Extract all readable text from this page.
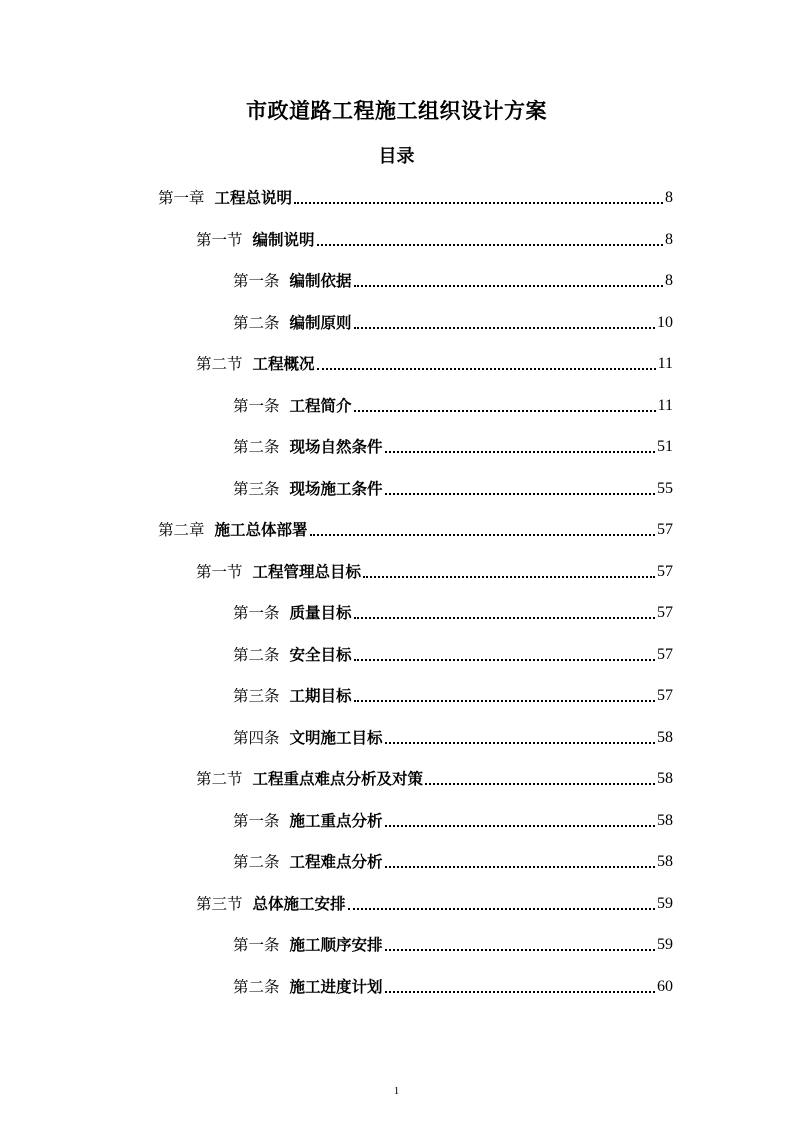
市政道路工程施工组织设计方案
目录
第一章 工程总说明	8
第一节 编制说明	8
第一条 编制依据	8
第二条 编制原则	10
第二节 工程概况	11
第一条 工程简介	11
第二条 现场自然条件	51
第三条 现场施工条件	55
第二章 施工总体部署	57
第一节 工程管理总目标	57
第一条 质量目标	57
第二条 安全目标	57
第三条 工期目标	57
第四条 文明施工目标	58
第二节 工程重点难点分析及对策	58
第一条 施工重点分析	58
第二条 工程难点分析	58
第三节 总体施工安排	59
第一条 施工顺序安排	59
第二条 施工进度计划	60
1
